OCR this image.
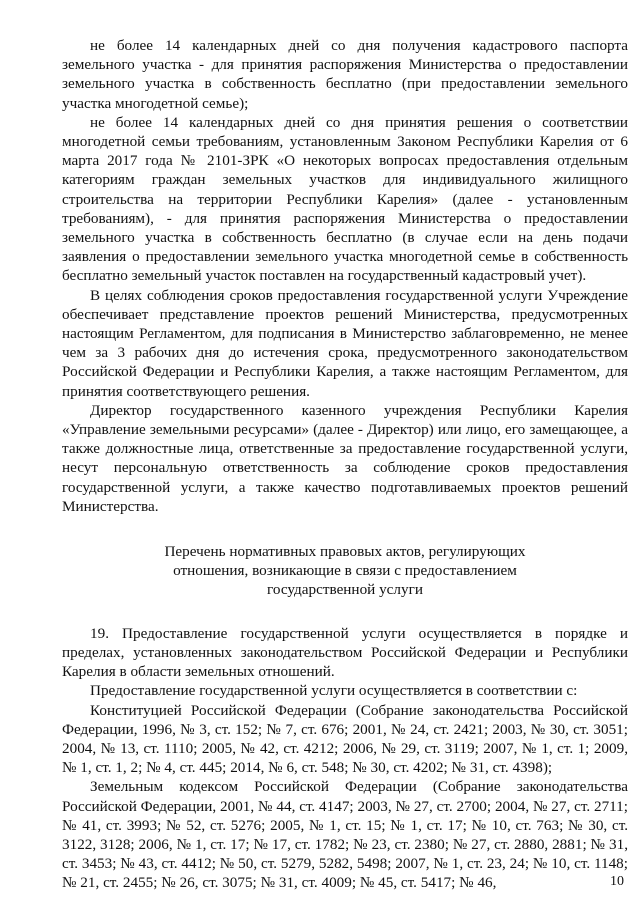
не более 14 календарных дней со дня получения кадастрового паспорта земельного участка - для принятия распоряжения Министерства о предоставлении земельного участка в собственность бесплатно (при предоставлении земельного участка многодетной семье);

не более 14 календарных дней со дня принятия решения о соответствии многодетной семьи требованиям, установленным Законом Республики Карелия от 6 марта 2017 года № 2101-ЗРК «О некоторых вопросах предоставления отдельным категориям граждан земельных участков для индивидуального жилищного строительства на территории Республики Карелия» (далее - установленным требованиям), - для принятия распоряжения Министерства о предоставлении земельного участка в собственность бесплатно (в случае если на день подачи заявления о предоставлении земельного участка многодетной семье в собственность бесплатно земельный участок поставлен на государственный кадастровый учет).

В целях соблюдения сроков предоставления государственной услуги Учреждение обеспечивает представление проектов решений Министерства, предусмотренных настоящим Регламентом, для подписания в Министерство заблаговременно, не менее чем за 3 рабочих дня до истечения срока, предусмотренного законодательством Российской Федерации и Республики Карелия, а также настоящим Регламентом, для принятия соответствующего решения.

Директор государственного казенного учреждения Республики Карелия «Управление земельными ресурсами» (далее - Директор) или лицо, его замещающее, а также должностные лица, ответственные за предоставление государственной услуги, несут персональную ответственность за соблюдение сроков предоставления государственной услуги, а также качество подготавливаемых проектов решений Министерства.

Перечень нормативных правовых актов, регулирующих
отношения, возникающие в связи с предоставлением
государственной услуги

19. Предоставление государственной услуги осуществляется в порядке и пределах, установленных законодательством Российской Федерации и Республики Карелия в области земельных отношений.

Предоставление государственной услуги осуществляется в соответствии с:

Конституцией Российской Федерации (Собрание законодательства Российской Федерации, 1996, № 3, ст. 152; № 7, ст. 676; 2001, № 24, ст. 2421; 2003, № 30, ст. 3051; 2004, № 13, ст. 1110; 2005, № 42, ст. 4212; 2006, № 29, ст. 3119; 2007, № 1, ст. 1; 2009, № 1, ст. 1, 2; № 4, ст. 445; 2014, № 6, ст. 548; № 30, ст. 4202; № 31, ст. 4398);

Земельным кодексом Российской Федерации (Собрание законодательства Российской Федерации, 2001, № 44, ст. 4147; 2003, № 27, ст. 2700; 2004, № 27, ст. 2711; № 41, ст. 3993; № 52, ст. 5276; 2005, № 1, ст. 15; № 1, ст. 17; № 10, ст. 763; № 30, ст. 3122, 3128; 2006, № 1, ст. 17; № 17, ст. 1782; № 23, ст. 2380; № 27, ст. 2880, 2881; № 31, ст. 3453; № 43, ст. 4412; № 50, ст. 5279, 5282, 5498; 2007, № 1, ст. 23, 24; № 10, ст. 1148; № 21, ст. 2455; № 26, ст. 3075; № 31, ст. 4009; № 45, ст. 5417; № 46,	10
